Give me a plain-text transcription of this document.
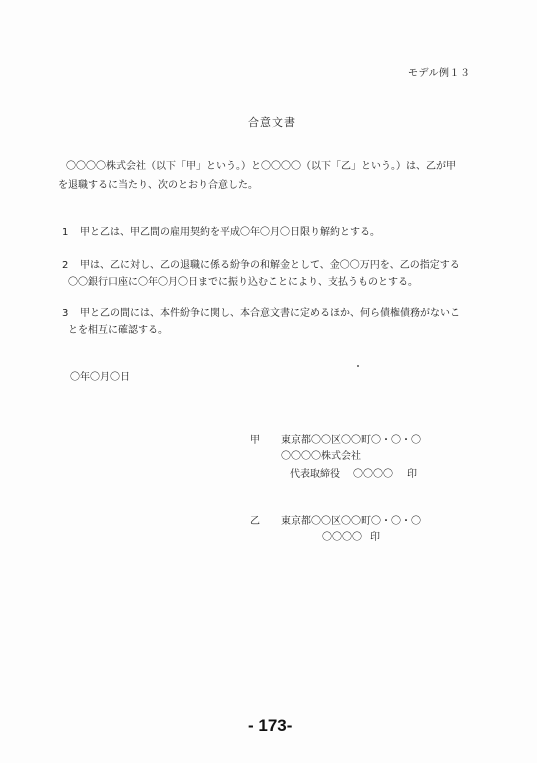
モデル例１３
合意文書
〇〇〇〇株式会社（以下「甲」という。）と〇〇〇〇（以下「乙」という。）は、乙が甲
を退職するに当たり、次のとおり合意した。
1 甲と乙は、甲乙間の雇用契約を平成〇年〇月〇日限り解約とする。
2 甲は、乙に対し、乙の退職に係る紛争の和解金として、金〇〇万円を、乙の指定する
〇〇銀行口座に〇年〇月〇日までに振り込むことにより、支払うものとする。
3 甲と乙の間には、本件紛争に関し、本合意文書に定めるほか、何ら債権債務がないこ
とを相互に確認する。
〇年〇月〇日
甲 東京都〇〇区〇〇町〇・〇・〇
〇〇〇〇株式会社
代表取締役 〇〇〇〇 印
乙 東京都〇〇区〇〇町〇・〇・〇
〇〇〇〇 印
- 173-
